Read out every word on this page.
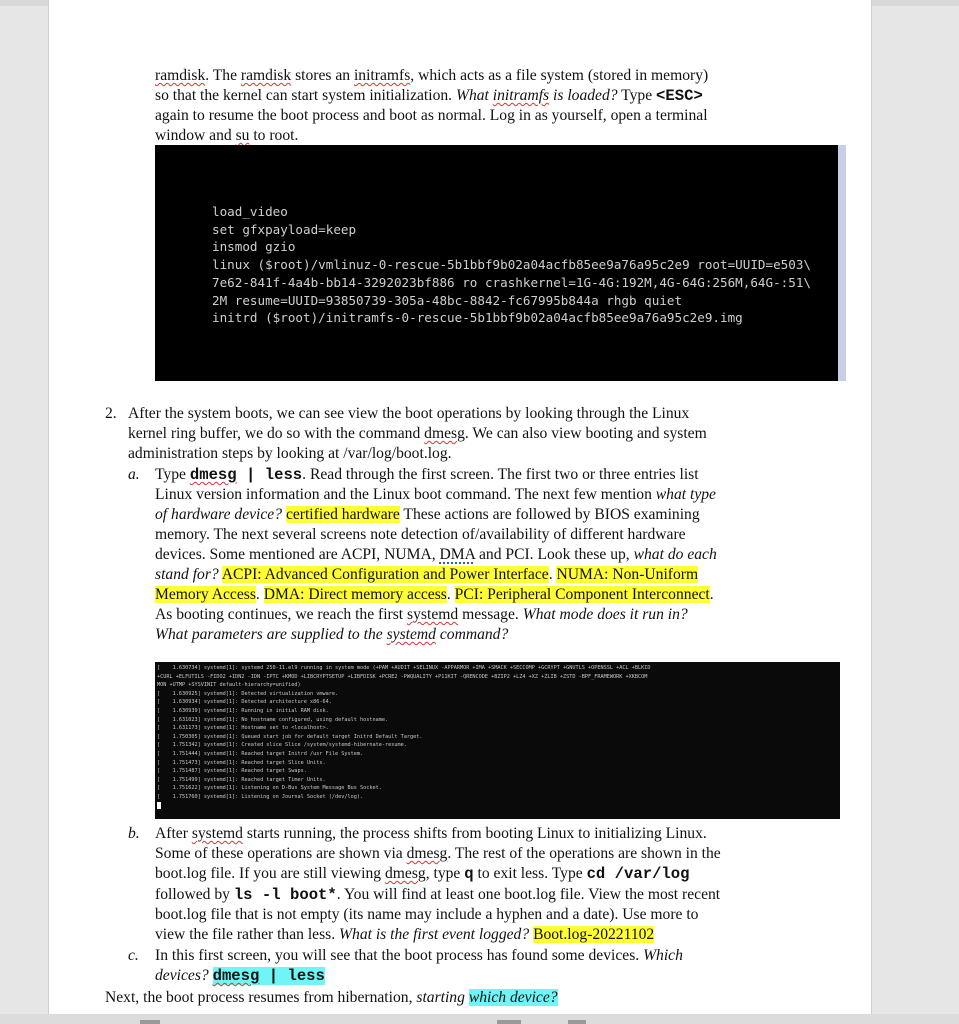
ramdisk. The ramdisk stores an initramfs, which acts as a file system (stored in memory)
so that the kernel can start system initialization. What initramfs is loaded? Type <ESC>
again to resume the boot process and boot as normal. Log in as yourself, open a terminal
window and su to root.
load_video
set gfxpayload=keep
insmod gzio
linux ($root)/vmlinuz-0-rescue-5b1bbf9b02a04acfb85ee9a76a95c2e9 root=UUID=e503\
7e62-841f-4a4b-bb14-3292023bf886 ro crashkernel=1G-4G:192M,4G-64G:256M,64G-:51\
2M resume=UUID=93850739-305a-48bc-8842-fc67995b844a rhgb quiet
initrd ($root)/initramfs-0-rescue-5b1bbf9b02a04acfb85ee9a76a95c2e9.img
2. After the system boots, we can see view the boot operations by looking through the Linux
kernel ring buffer, we do so with the command dmesg. We can also view booting and system
administration steps by looking at /var/log/boot.log.
a. Type dmesg | less. Read through the first screen. The first two or three entries list
Linux version information and the Linux boot command. The next few mention what type
of hardware device? certified hardware These actions are followed by BIOS examining
memory. The next several screens note detection of/availability of different hardware
devices. Some mentioned are ACPI, NUMA, DMA and PCI. Look these up, what do each
stand for? ACPI: Advanced Configuration and Power Interface. NUMA: Non-Uniform
Memory Access. DMA: Direct memory access. PCI: Peripheral Component Interconnect.
As booting continues, we reach the first systemd message. What mode does it run in?
What parameters are supplied to the systemd command?
[    1.630734] systemd[1]: systemd 250-11.el9 running in system mode (+PAM +AUDIT +SELINUX -APPARMOR +IMA +SMACK +SECCOMP +GCRYPT +GNUTLS +OPENSSL +ACL +BLKID
+CURL +ELFUTILS -FIDO2 +IDN2 -IDN -IPTC +KMOD +LIBCRYPTSETUP +LIBFDISK +PCRE2 -PWQUALITY +P11KIT -QRENCODE +BZIP2 +LZ4 +XZ +ZLIB +ZSTD -BPF_FRAMEWORK +XKBCOM
MON +UTMP +SYSVINIT default-hierarchy=unified)
[    1.630925] systemd[1]: Detected virtualization vmware.
[    1.630934] systemd[1]: Detected architecture x86-64.
[    1.630939] systemd[1]: Running in initial RAM disk.
[    1.631023] systemd[1]: No hostname configured, using default hostname.
[    1.631173] systemd[1]: Hostname set to <localhost>.
[    1.750305] systemd[1]: Queued start job for default target Initrd Default Target.
[    1.751342] systemd[1]: Created slice Slice /system/systemd-hibernate-resume.
[    1.751444] systemd[1]: Reached target Initrd /usr File System.
[    1.751473] systemd[1]: Reached target Slice Units.
[    1.751487] systemd[1]: Reached target Swaps.
[    1.751499] systemd[1]: Reached target Timer Units.
[    1.751622] systemd[1]: Listening on D-Bus System Message Bus Socket.
[    1.751760] systemd[1]: Listening on Journal Socket (/dev/log).

b. After systemd starts running, the process shifts from booting Linux to initializing Linux.
Some of these operations are shown via dmesg. The rest of the operations are shown in the
boot.log file. If you are still viewing dmesg, type q to exit less. Type cd /var/log
followed by ls -l boot*. You will find at least one boot.log file. View the most recent
boot.log file that is not empty (its name may include a hyphen and a date). Use more to
view the file rather than less. What is the first event logged? Boot.log-20221102
c. In this first screen, you will see that the boot process has found some devices. Which
devices? dmesg | less
Next, the boot process resumes from hibernation, starting which device?
